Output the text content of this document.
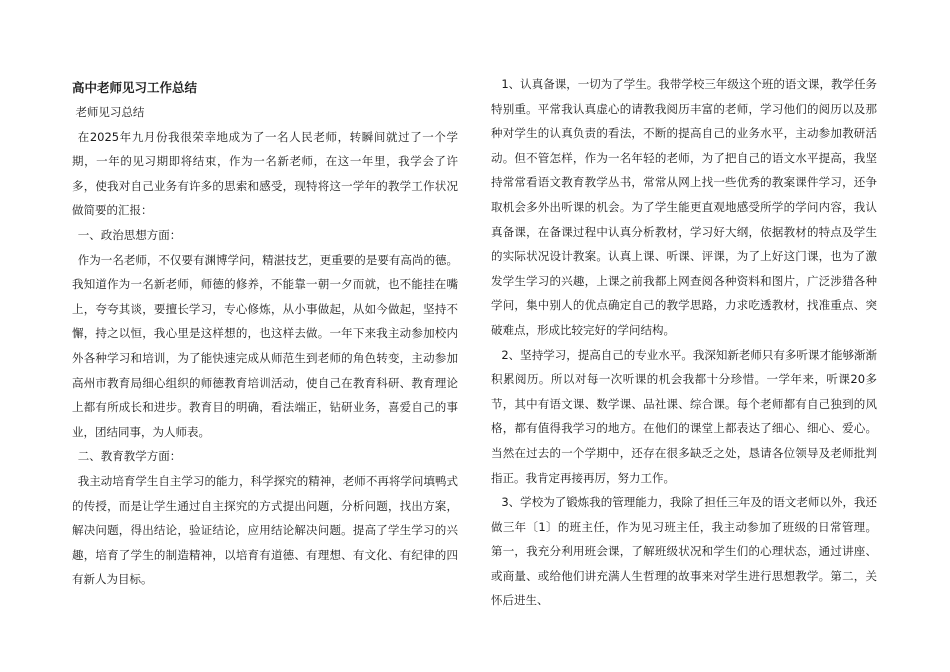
高中老师见习工作总结

老师见习总结

在2025年九月份我很荣幸地成为了一名人民老师，转瞬间就过了一个学期，一年的见习期即将结束，作为一名新老师，在这一年里，我学会了许多，使我对自己业务有许多的思索和感受，现特将这一学年的教学工作状况做简要的汇报：

一、政治思想方面：

作为一名老师，不仅要有渊博学问，精湛技艺，更重要的是要有高尚的德。我知道作为一名新老师，师德的修养，不能靠一朝一夕而就，也不能挂在嘴上，夸夸其谈，要擅长学习，专心修炼，从小事做起，从如今做起，坚持不懈，持之以恒，我心里是这样想的，也这样去做。一年下来我主动参加校内外各种学习和培训，为了能快速完成从师范生到老师的角色转变，主动参加高州市教育局细心组织的师德教育培训活动，使自己在教育科研、教育理论上都有所成长和进步。教育目的明确，看法端正，钻研业务，喜爱自己的事业，团结同事，为人师表。

二、教育教学方面：

我主动培育学生自主学习的能力，科学探究的精神，老师不再将学问填鸭式的传授，而是让学生通过自主探究的方式提出问题，分析问题，找出方案，解决问题，得出结论，验证结论，应用结论解决问题。提高了学生学习的兴趣，培育了学生的制造精神，以培育有道德、有理想、有文化、有纪律的四有新人为目标。

1、认真备课，一切为了学生。我带学校三年级这个班的语文课，教学任务特别重。平常我认真虚心的请教我阅历丰富的老师，学习他们的阅历以及那种对学生的认真负责的看法，不断的提高自己的业务水平，主动参加教研活动。但不管怎样，作为一名年轻的老师，为了把自己的语文水平提高，我坚持常常看语文教育教学丛书，常常从网上找一些优秀的教案课件学习，还争取机会多外出听课的机会。为了学生能更直观地感受所学的学问内容，我认真备课，在备课过程中认真分析教材，学习好大纲，依据教材的特点及学生的实际状况设计教案。认真上课、听课、评课，为了上好这门课，也为了激发学生学习的兴趣，上课之前我都上网查阅各种资料和图片，广泛涉猎各种学问，集中别人的优点确定自己的教学思路，力求吃透教材，找准重点、突破难点，形成比较完好的学问结构。

2、坚持学习，提高自己的专业水平。我深知新老师只有多听课才能够渐渐积累阅历。所以对每一次听课的机会我都十分珍惜。一学年来，听课20多节，其中有语文课、数学课、品社课、综合课。每个老师都有自己独到的风格，都有值得我学习的地方。在他们的课堂上都表达了细心、细心、爱心。当然在过去的一个学期中，还存在很多缺乏之处，恳请各位领导及老师批判指正。我肯定再接再厉，努力工作。

3、学校为了锻炼我的管理能力，我除了担任三年及的语文老师以外，我还做三年〔1〕的班主任，作为见习班主任，我主动参加了班级的日常管理。第一，我充分利用班会课，了解班级状况和学生们的心理状态，通过讲座、或商量、或给他们讲充满人生哲理的故事来对学生进行思想教学。第二，关怀后进生、
